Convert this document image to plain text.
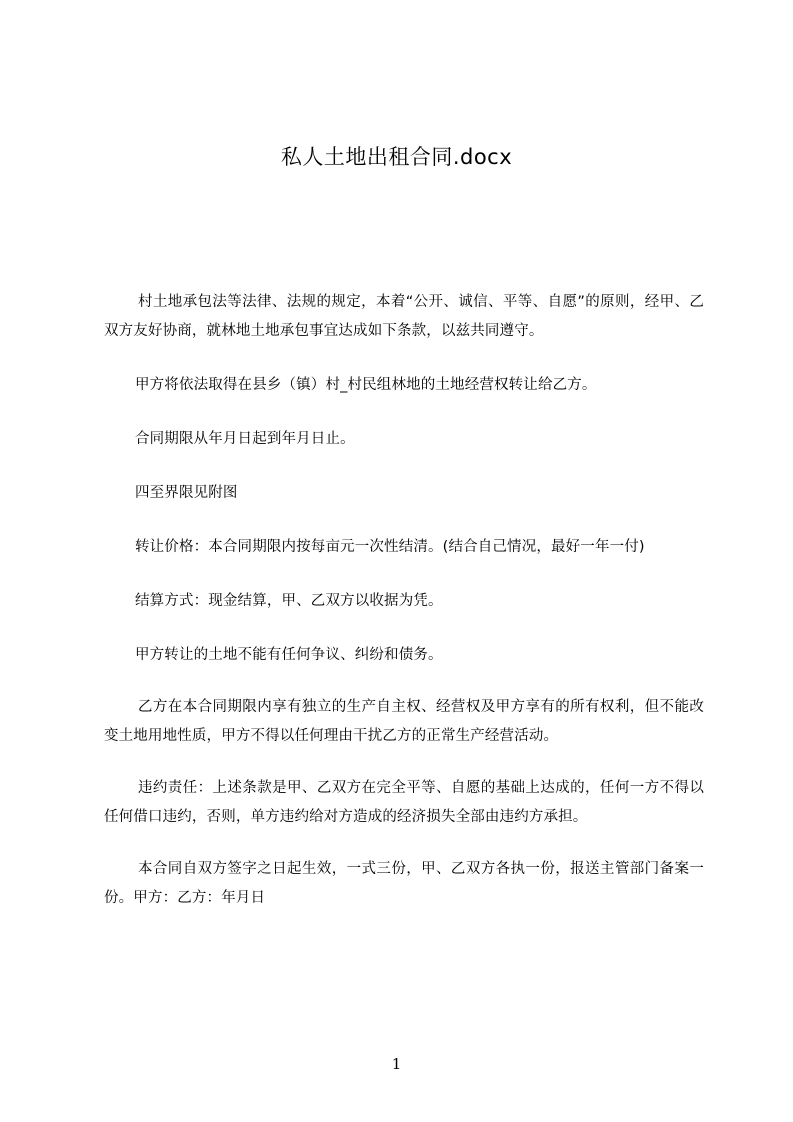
私人土地出租合同.docx

村土地承包法等法律、法规的规定，本着“公开、诚信、平等、自愿”的原则，经甲、乙双方友好协商，就林地土地承包事宜达成如下条款，以兹共同遵守。

甲方将依法取得在县乡（镇）村_村民组林地的土地经营权转让给乙方。

合同期限从年月日起到年月日止。

四至界限见附图

转让价格：本合同期限内按每亩元一次性结清。(结合自己情况，最好一年一付)

结算方式：现金结算，甲、乙双方以收据为凭。

甲方转让的土地不能有任何争议、纠纷和债务。

乙方在本合同期限内享有独立的生产自主权、经营权及甲方享有的所有权利，但不能改变土地用地性质，甲方不得以任何理由干扰乙方的正常生产经营活动。

违约责任：上述条款是甲、乙双方在完全平等、自愿的基础上达成的，任何一方不得以任何借口违约，否则，单方违约给对方造成的经济损失全部由违约方承担。

本合同自双方签字之日起生效，一式三份，甲、乙双方各执一份，报送主管部门备案一份。甲方：乙方：年月日

1
